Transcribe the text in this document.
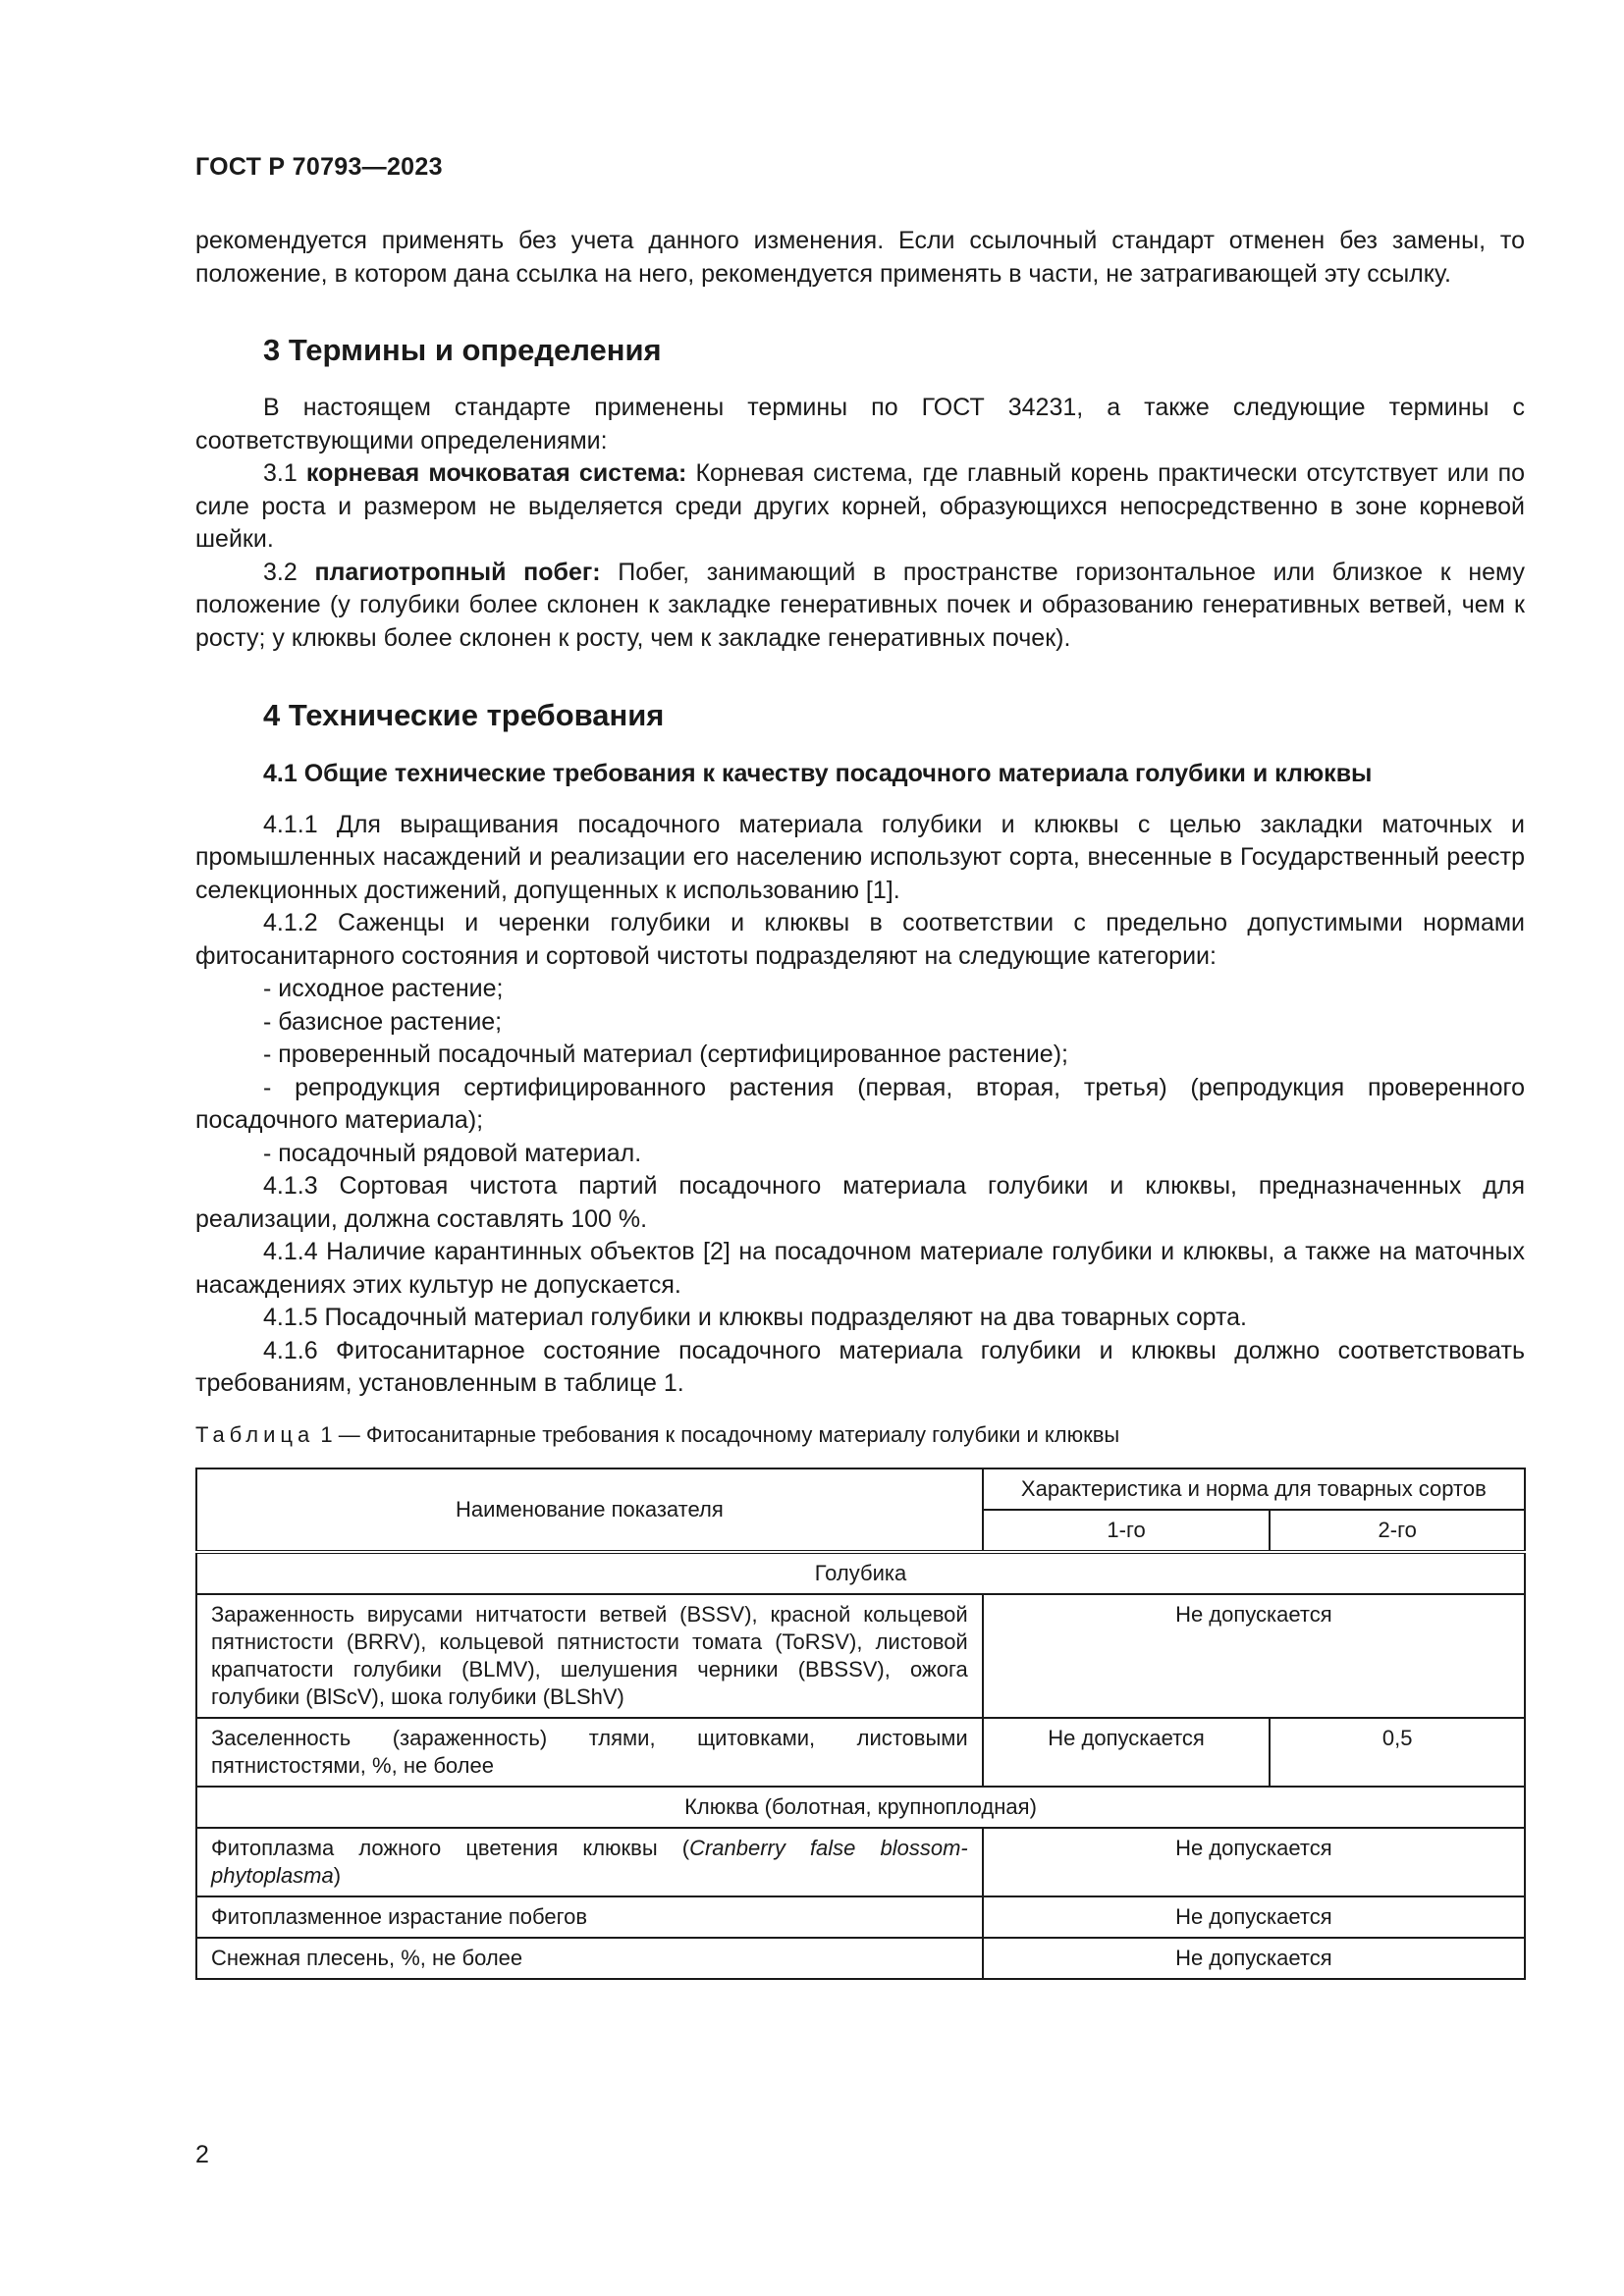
ГОСТ Р 70793—2023

рекомендуется применять без учета данного изменения. Если ссылочный стандарт отменен без замены, то положение, в котором дана ссылка на него, рекомендуется применять в части, не затрагивающей эту ссылку.

3 Термины и определения

В настоящем стандарте применены термины по ГОСТ 34231, а также следующие термины с соответствующими определениями:

3.1 корневая мочковатая система: Корневая система, где главный корень практически отсутствует или по силе роста и размером не выделяется среди других корней, образующихся непосредственно в зоне корневой шейки.

3.2 плагиотропный побег: Побег, занимающий в пространстве горизонтальное или близкое к нему положение (у голубики более склонен к закладке генеративных почек и образованию генеративных ветвей, чем к росту; у клюквы более склонен к росту, чем к закладке генеративных почек).

4 Технические требования
4.1 Общие технические требования к качеству посадочного материала голубики и клюквы

4.1.1 Для выращивания посадочного материала голубики и клюквы с целью закладки маточных и промышленных насаждений и реализации его населению используют сорта, внесенные в Государственный реестр селекционных достижений, допущенных к использованию [1].

4.1.2 Саженцы и черенки голубики и клюквы в соответствии с предельно допустимыми нормами фитосанитарного состояния и сортовой чистоты подразделяют на следующие категории:

- исходное растение;

- базисное растение;

- проверенный посадочный материал (сертифицированное растение);

- репродукция сертифицированного растения (первая, вторая, третья) (репродукция проверенного посадочного материала);

- посадочный рядовой материал.

4.1.3 Сортовая чистота партий посадочного материала голубики и клюквы, предназначенных для реализации, должна составлять 100 %.

4.1.4 Наличие карантинных объектов [2] на посадочном материале голубики и клюквы, а также на маточных насаждениях этих культур не допускается.

4.1.5 Посадочный материал голубики и клюквы подразделяют на два товарных сорта.

4.1.6 Фитосанитарное состояние посадочного материала голубики и клюквы должно соответствовать требованиям, установленным в таблице 1.

Таблица 1 — Фитосанитарные требования к посадочному материалу голубики и клюквы
Наименование показателя	Характеристика и норма для товарных сортов	
	1-го	2-го
Голубика		
Зараженность вирусами нитчатости ветвей (BSSV), красной кольцевой пятнистости (BRRV), кольцевой пятнистости томата (ToRSV), листовой крапчатости голубики (BLMV), шелушения черники (BBSSV), ожога голубики (BlScV), шока голубики (BLShV)	Не допускается	
Заселенность (зараженность) тлями, щитовками, листовыми пятнистостями, %, не более	Не допускается	0,5
Клюква (болотная, крупноплодная)		
Фитоплазма ложного цветения клюквы (Cranberry false blossom-phytoplasma)	Не допускается	
Фитоплазменное израстание побегов	Не допускается	
Снежная плесень, %, не более	Не допускается	
2
